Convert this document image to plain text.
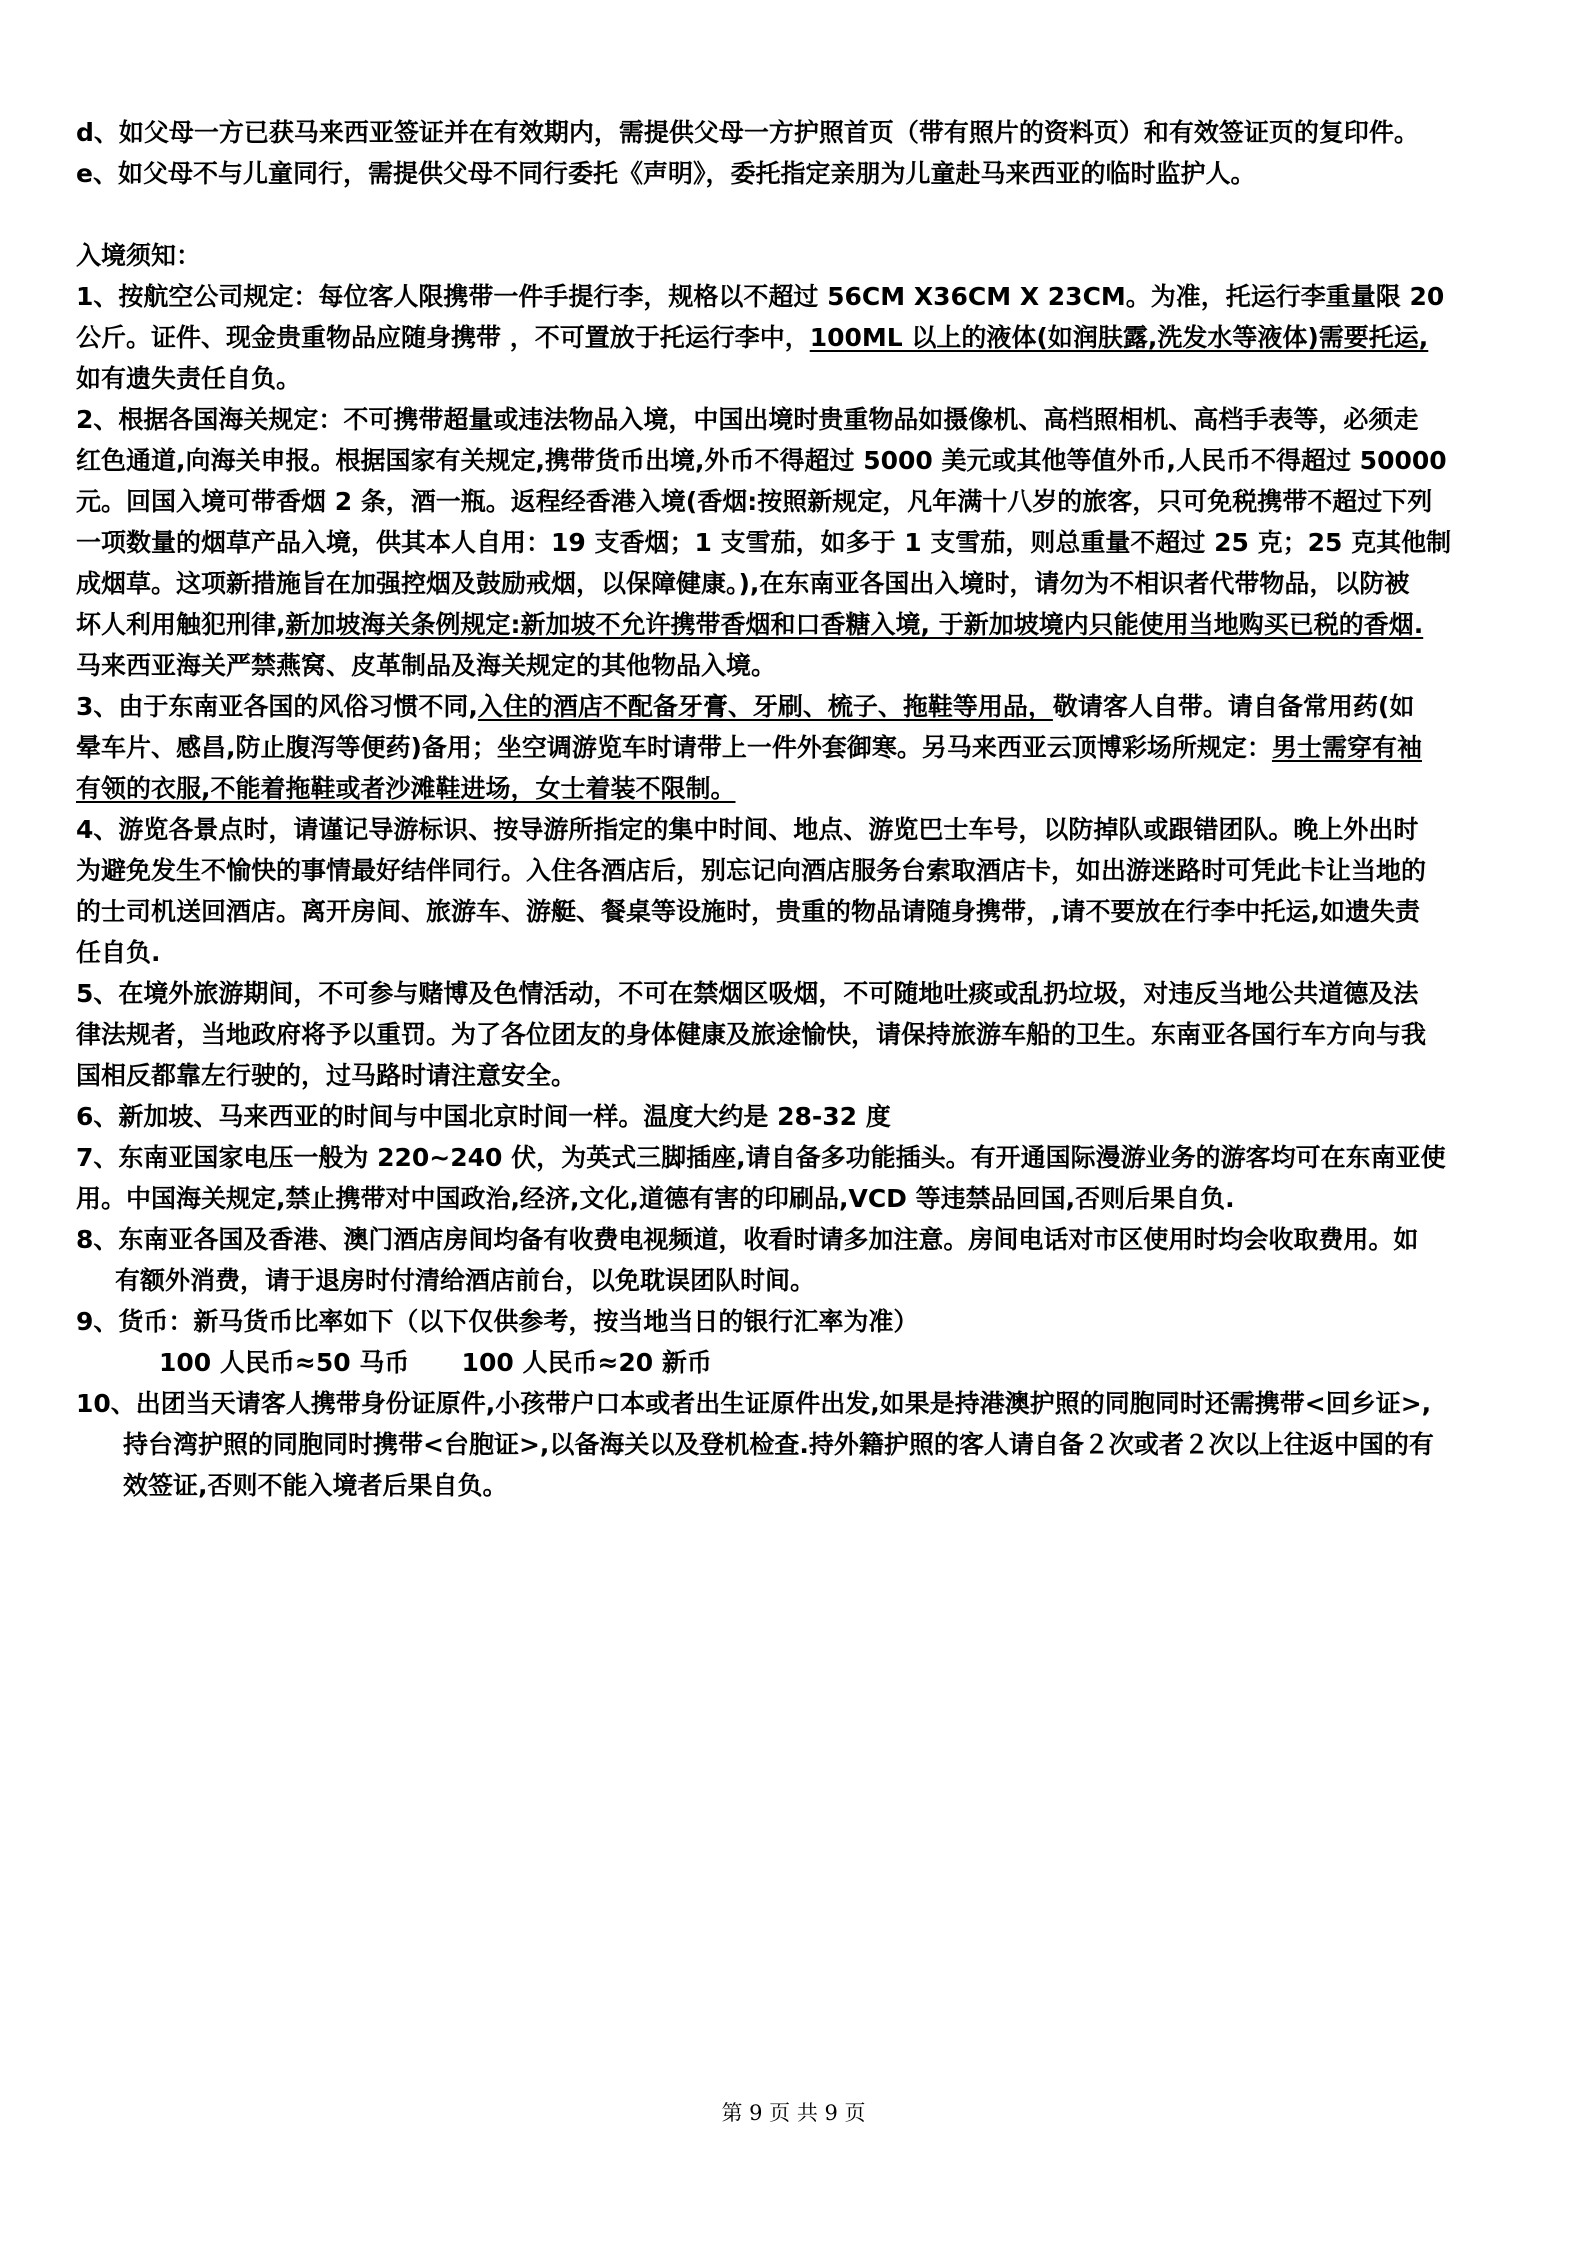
d、如父母一方已获马来西亚签证并在有效期内，需提供父母一方护照首页（带有照片的资料页）和有效签证页的复印件。
e、如父母不与儿童同行，需提供父母不同行委托《声明》，委托指定亲朋为儿童赴马来西亚的临时监护人。
入境须知：
1、按航空公司规定：每位客人限携带一件手提行李，规格以不超过 56CM X36CM X 23CM。为准，托运行李重量限 20
公斤。证件、现金贵重物品应随身携带 ，不可置放于托运行李中，100ML 以上的液体(如润肤露,洗发水等液体)需要托运,
如有遗失责任自负。
2、根据各国海关规定：不可携带超量或违法物品入境，中国出境时贵重物品如摄像机、高档照相机、高档手表等，必须走
红色通道,向海关申报。根据国家有关规定,携带货币出境,外币不得超过 5000 美元或其他等值外币,人民币不得超过 50000
元。回国入境可带香烟 2 条，酒一瓶。返程经香港入境(香烟:按照新规定，凡年满十八岁的旅客，只可免税携带不超过下列
一项数量的烟草产品入境，供其本人自用：19 支香烟；1 支雪茄，如多于 1 支雪茄，则总重量不超过 25 克；25 克其他制
成烟草。这项新措施旨在加强控烟及鼓励戒烟，以保障健康。),在东南亚各国出入境时，请勿为不相识者代带物品，以防被
坏人利用触犯刑律,新加坡海关条例规定:新加坡不允许携带香烟和口香糖入境, 于新加坡境内只能使用当地购买已税的香烟.
马来西亚海关严禁燕窝、皮革制品及海关规定的其他物品入境。
3、由于东南亚各国的风俗习惯不同,入住的酒店不配备牙膏、牙刷、梳子、拖鞋等用品，敬请客人自带。请自备常用药(如
晕车片、感昌,防止腹泻等便药)备用；坐空调游览车时请带上一件外套御寒。另马来西亚云顶博彩场所规定：男士需穿有袖
有领的衣服,不能着拖鞋或者沙滩鞋进场，女士着装不限制。
4、游览各景点时，请谨记导游标识、按导游所指定的集中时间、地点、游览巴士车号，以防掉队或跟错团队。晚上外出时
为避免发生不愉快的事情最好结伴同行。入住各酒店后，别忘记向酒店服务台索取酒店卡，如出游迷路时可凭此卡让当地的
的士司机送回酒店。离开房间、旅游车、游艇、餐桌等设施时，贵重的物品请随身携带，,请不要放在行李中托运,如遗失责
任自负.
5、在境外旅游期间，不可参与赌博及色情活动，不可在禁烟区吸烟，不可随地吐痰或乱扔垃圾，对违反当地公共道德及法
律法规者，当地政府将予以重罚。为了各位团友的身体健康及旅途愉快，请保持旅游车船的卫生。东南亚各国行车方向与我
国相反都靠左行驶的，过马路时请注意安全。
6、新加坡、马来西亚的时间与中国北京时间一样。温度大约是 28-32 度
7、东南亚国家电压一般为 220~240 伏，为英式三脚插座,请自备多功能插头。有开通国际漫游业务的游客均可在东南亚使
用。中国海关规定,禁止携带对中国政治,经济,文化,道德有害的印刷品,VCD 等违禁品回国,否则后果自负.
8、东南亚各国及香港、澳门酒店房间均备有收费电视频道，收看时请多加注意。房间电话对市区使用时均会收取费用。如
有额外消费，请于退房时付清给酒店前台，以免耽误团队时间。
9、货币：新马货币比率如下（以下仅供参考，按当地当日的银行汇率为准）
100 人民币≈50 马币      100 人民币≈20 新币
10、出团当天请客人携带身份证原件,小孩带户口本或者出生证原件出发,如果是持港澳护照的同胞同时还需携带<回乡证>,
持台湾护照的同胞同时携带<台胞证>,以备海关以及登机检查.持外籍护照的客人请自备２次或者２次以上往返中国的有
效签证,否则不能入境者后果自负。
第 9 页 共 9 页
